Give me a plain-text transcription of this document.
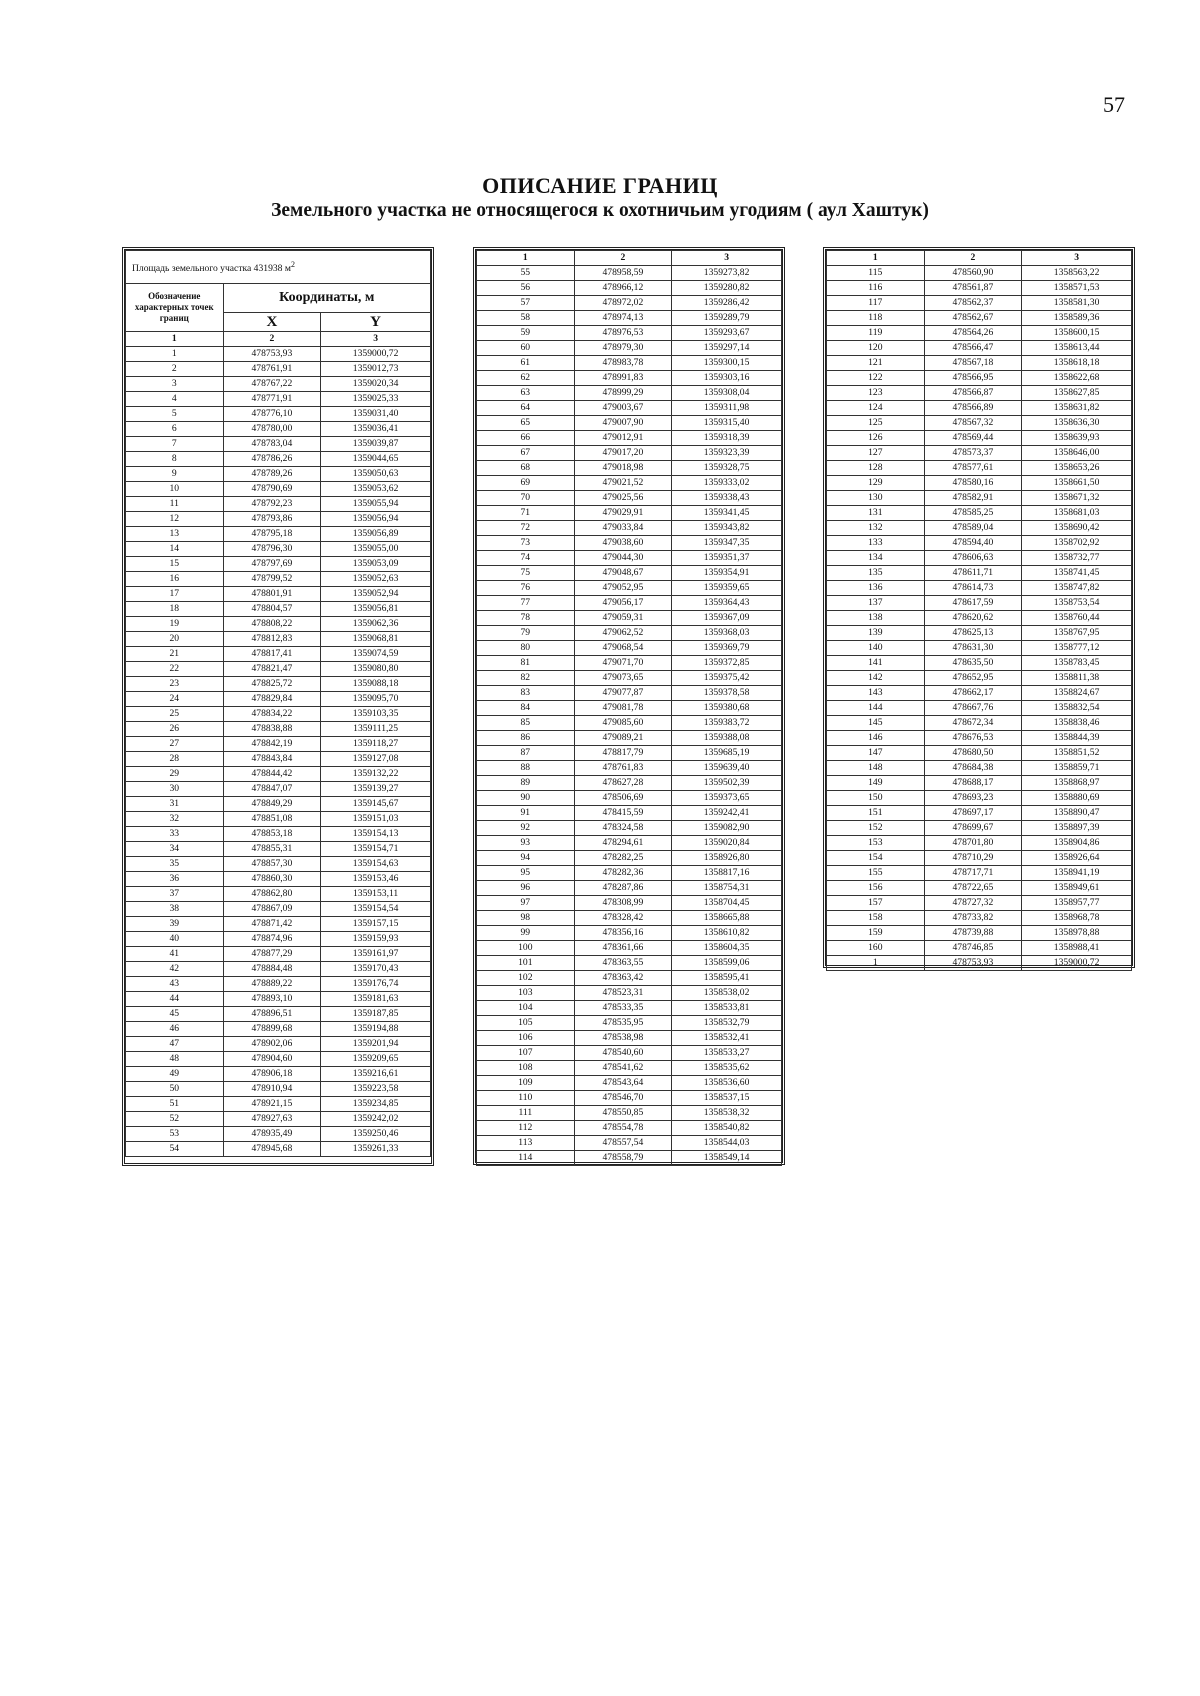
57
ОПИСАНИЕ ГРАНИЦ
Земельного участка не относящегося к охотничьим угодиям ( аул Хаштук)
Площадь земельного участка 431938 $м^2$
Обозначение характерных точек границ	Координаты, м	
	X	Y
1	2	3
1	478753,93	1359000,72
2	478761,91	1359012,73
3	478767,22	1359020,34
4	478771,91	1359025,33
5	478776,10	1359031,40
6	478780,00	1359036,41
7	478783,04	1359039,87
8	478786,26	1359044,65
9	478789,26	1359050,63
10	478790,69	1359053,62
11	478792,23	1359055,94
12	478793,86	1359056,94
13	478795,18	1359056,89
14	478796,30	1359055,00
15	478797,69	1359053,09
16	478799,52	1359052,63
17	478801,91	1359052,94
18	478804,57	1359056,81
19	478808,22	1359062,36
20	478812,83	1359068,81
21	478817,41	1359074,59
22	478821,47	1359080,80
23	478825,72	1359088,18
24	478829,84	1359095,70
25	478834,22	1359103,35
26	478838,88	1359111,25
27	478842,19	1359118,27
28	478843,84	1359127,08
29	478844,42	1359132,22
30	478847,07	1359139,27
31	478849,29	1359145,67
32	478851,08	1359151,03
33	478853,18	1359154,13
34	478855,31	1359154,71
35	478857,30	1359154,63
36	478860,30	1359153,46
37	478862,80	1359153,11
38	478867,09	1359154,54
39	478871,42	1359157,15
40	478874,96	1359159,93
41	478877,29	1359161,97
42	478884,48	1359170,43
43	478889,22	1359176,74
44	478893,10	1359181,63
45	478896,51	1359187,85
46	478899,68	1359194,88
47	478902,06	1359201,94
48	478904,60	1359209,65
49	478906,18	1359216,61
50	478910,94	1359223,58
51	478921,15	1359234,85
52	478927,63	1359242,02
53	478935,49	1359250,46
54	478945,68	1359261,33
1	2	3
55	478958,59	1359273,82
56	478966,12	1359280,82
57	478972,02	1359286,42
58	478974,13	1359289,79
59	478976,53	1359293,67
60	478979,30	1359297,14
61	478983,78	1359300,15
62	478991,83	1359303,16
63	478999,29	1359308,04
64	479003,67	1359311,98
65	479007,90	1359315,40
66	479012,91	1359318,39
67	479017,20	1359323,39
68	479018,98	1359328,75
69	479021,52	1359333,02
70	479025,56	1359338,43
71	479029,91	1359341,45
72	479033,84	1359343,82
73	479038,60	1359347,35
74	479044,30	1359351,37
75	479048,67	1359354,91
76	479052,95	1359359,65
77	479056,17	1359364,43
78	479059,31	1359367,09
79	479062,52	1359368,03
80	479068,54	1359369,79
81	479071,70	1359372,85
82	479073,65	1359375,42
83	479077,87	1359378,58
84	479081,78	1359380,68
85	479085,60	1359383,72
86	479089,21	1359388,08
87	478817,79	1359685,19
88	478761,83	1359639,40
89	478627,28	1359502,39
90	478506,69	1359373,65
91	478415,59	1359242,41
92	478324,58	1359082,90
93	478294,61	1359020,84
94	478282,25	1358926,80
95	478282,36	1358817,16
96	478287,86	1358754,31
97	478308,99	1358704,45
98	478328,42	1358665,88
99	478356,16	1358610,82
100	478361,66	1358604,35
101	478363,55	1358599,06
102	478363,42	1358595,41
103	478523,31	1358538,02
104	478533,35	1358533,81
105	478535,95	1358532,79
106	478538,98	1358532,41
107	478540,60	1358533,27
108	478541,62	1358535,62
109	478543,64	1358536,60
110	478546,70	1358537,15
111	478550,85	1358538,32
112	478554,78	1358540,82
113	478557,54	1358544,03
114	478558,79	1358549,14
1	2	3
115	478560,90	1358563,22
116	478561,87	1358571,53
117	478562,37	1358581,30
118	478562,67	1358589,36
119	478564,26	1358600,15
120	478566,47	1358613,44
121	478567,18	1358618,18
122	478566,95	1358622,68
123	478566,87	1358627,85
124	478566,89	1358631,82
125	478567,32	1358636,30
126	478569,44	1358639,93
127	478573,37	1358646,00
128	478577,61	1358653,26
129	478580,16	1358661,50
130	478582,91	1358671,32
131	478585,25	1358681,03
132	478589,04	1358690,42
133	478594,40	1358702,92
134	478606,63	1358732,77
135	478611,71	1358741,45
136	478614,73	1358747,82
137	478617,59	1358753,54
138	478620,62	1358760,44
139	478625,13	1358767,95
140	478631,30	1358777,12
141	478635,50	1358783,45
142	478652,95	1358811,38
143	478662,17	1358824,67
144	478667,76	1358832,54
145	478672,34	1358838,46
146	478676,53	1358844,39
147	478680,50	1358851,52
148	478684,38	1358859,71
149	478688,17	1358868,97
150	478693,23	1358880,69
151	478697,17	1358890,47
152	478699,67	1358897,39
153	478701,80	1358904,86
154	478710,29	1358926,64
155	478717,71	1358941,19
156	478722,65	1358949,61
157	478727,32	1358957,77
158	478733,82	1358968,78
159	478739,88	1358978,88
160	478746,85	1358988,41
1	478753,93	1359000,72
